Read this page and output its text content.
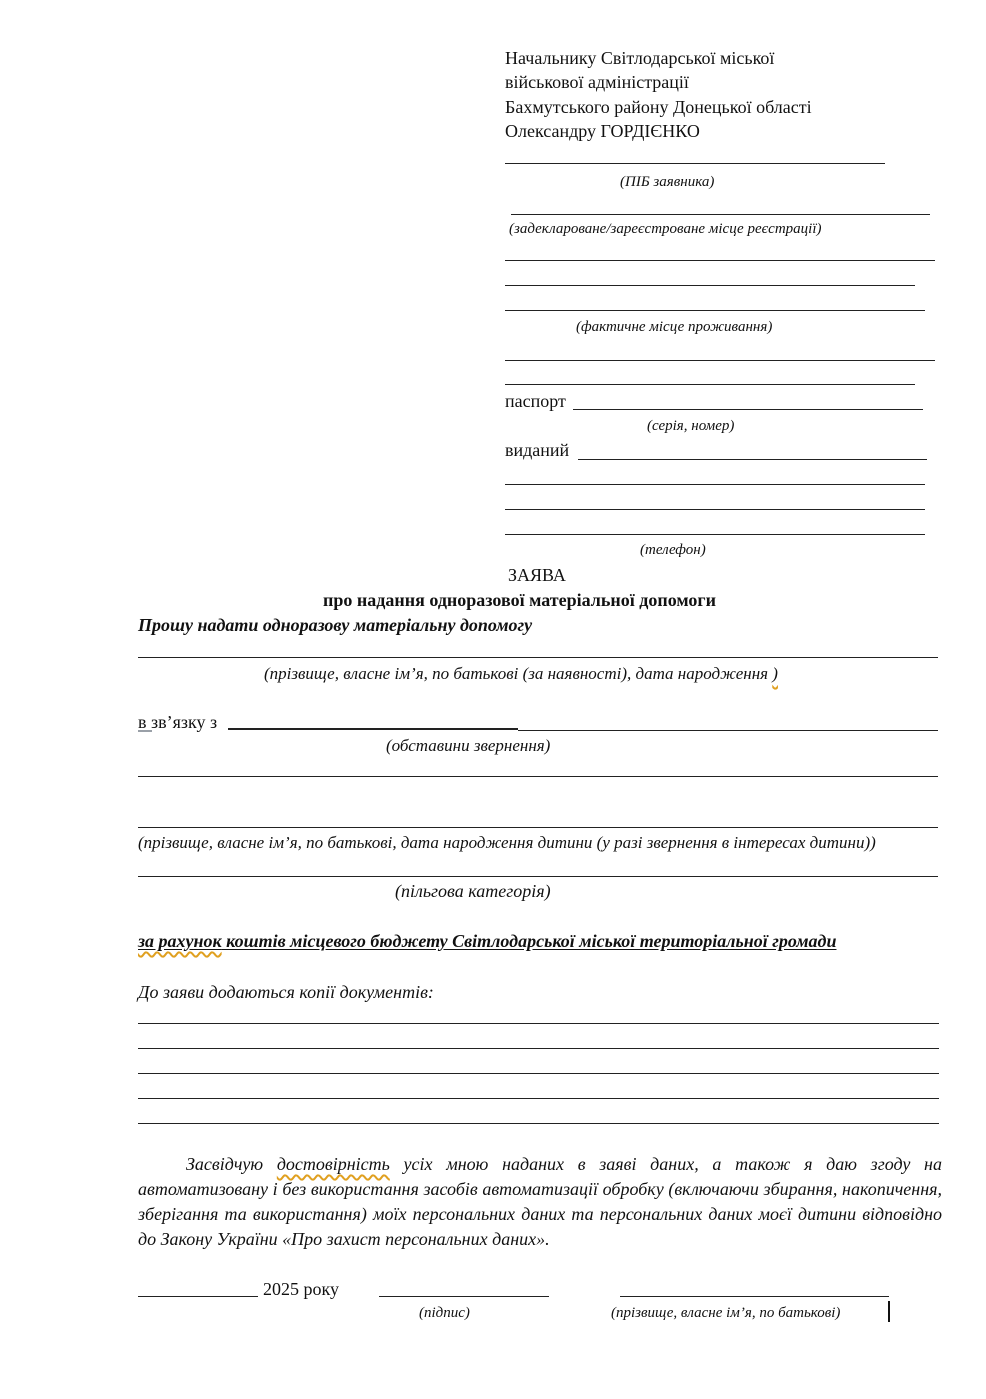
Начальнику Світлодарської міської
військової адміністрації
Бахмутського району Донецької області
Олександру ГОРДІЄНКО
(ПІБ заявника)
(задекларoване/зареєстроване місце реєстрації)
(фактичне місце проживання)
паспорт
(серія, номер)
виданий
(телефон)
ЗАЯВА
про надання одноразової матеріальної допомоги
Прошу надати одноразову матеріальну допомогу
(прізвище, власне ім’я, по батькові (за наявності), дата народження )
в зв’язку з
(обставини звернення)
(прізвище, власне ім’я, по батькові, дата народження дитини (у разі звернення в інтересах дитини))
(пільгова категорія)
за рахунок коштів місцевого бюджету Світлодарської міської територіальної громади
До заяви додаються копії документів:
Засвідчую достовірність усіх мною наданих в заяві даних, а також я даю згоду на автоматизовану і без використання засобів автоматизації обробку (включаючи збирання, накопичення, зберігання та використання) моїх персональних даних та персональних даних моєї дитини відповідно до Закону України «Про захист персональних даних».
2025 року
(підпис)	(прізвище, власне ім’я, по батькові)
